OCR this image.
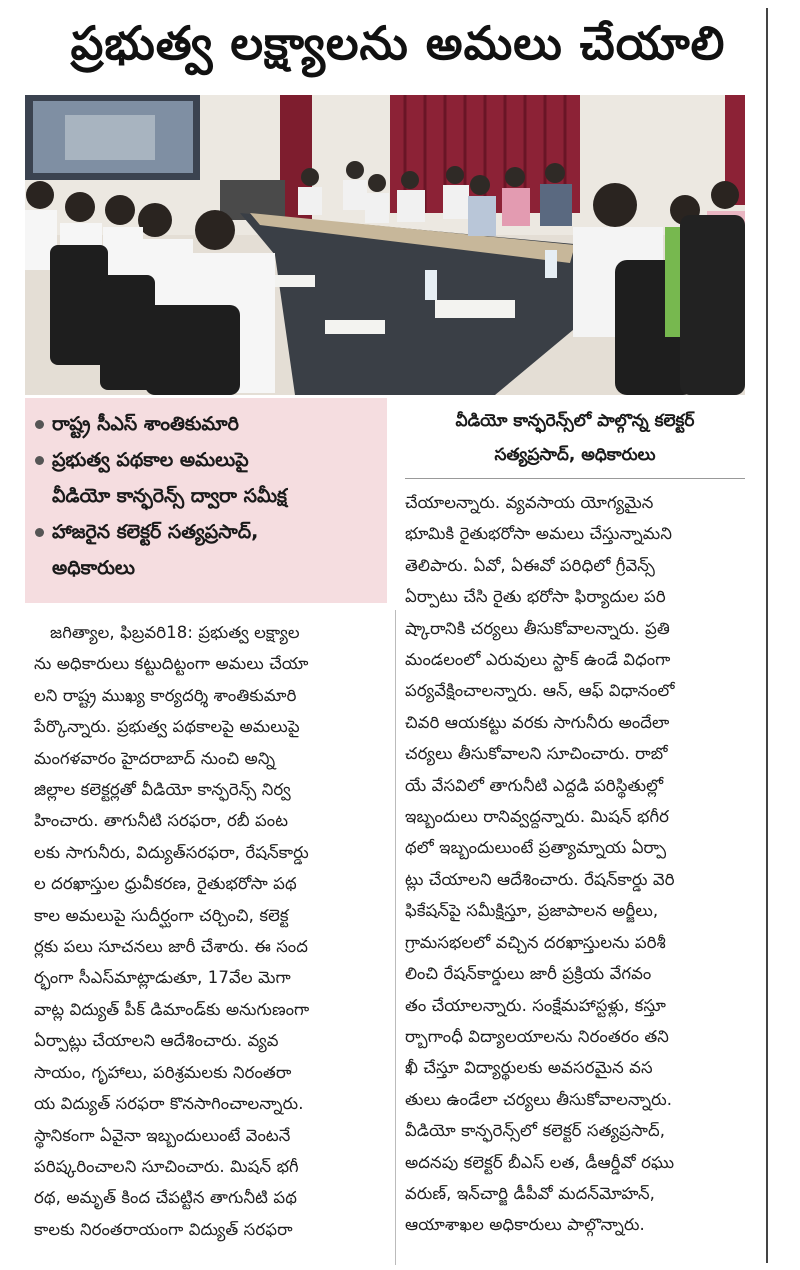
ప్రభుత్వ లక్ష్యాలను అమలు చేయాలి
రాష్ట్ర సీఎస్ శాంతికుమారి
ప్రభుత్వ పథకాల అమలుపై
వీడియో కాన్ఫరెన్స్ ద్వారా సమీక్ష
హాజరైన కలెక్టర్ సత్యప్రసాద్,
అధికారులు
వీడియో కాన్ఫరెన్స్‌లో పాల్గొన్న కలెక్టర్
సత్యప్రసాద్, అధికారులు
జగిత్యాల, ఫిబ్రవరి18: ప్రభుత్వ లక్ష్యాల
ను అధికారులు కట్టుదిట్టంగా అమలు చేయా
లని రాష్ట్ర ముఖ్య కార్యదర్శి శాంతికుమారి
పేర్కొన్నారు. ప్రభుత్వ పథకాలపై అమలుపై
మంగళవారం హైదరాబాద్ నుంచి అన్ని
జిల్లాల కలెక్టర్లతో వీడియో కాన్ఫరెన్స్ నిర్వ
హించారు. తాగునీటి సరఫరా, రబీ పంట
లకు సాగునీరు, విద్యుత్‌సరఫరా, రేషన్‌కార్డు
ల దరఖాస్తుల ధ్రువీకరణ, రైతుభరోసా పథ
కాల అమలుపై సుదీర్ఘంగా చర్చించి, కలెక్ట
ర్లకు పలు సూచనలు జారీ చేశారు. ఈ సంద
ర్భంగా సీఎస్‌మాట్లాడుతూ, 17వేల మెగా
వాట్ల విద్యుత్ పీక్ డిమాండ్‌కు అనుగుణంగా
ఏర్పాట్లు చేయాలని ఆదేశించారు. వ్యవ
సాయం, గృహాలు, పరిశ్రమలకు నిరంతరా
య విద్యుత్ సరఫరా కొనసాగించాలన్నారు.
స్థానికంగా ఏవైనా ఇబ్బందులుంటే వెంటనే
పరిష్కరించాలని సూచించారు. మిషన్ భగీ
రథ, అమృత్ కింద చేపట్టిన తాగునీటి పథ
కాలకు నిరంతరాయంగా విద్యుత్ సరఫరా
చేయాలన్నారు. వ్యవసాయ యోగ్యమైన
భూమికి రైతుభరోసా అమలు చేస్తున్నామని
తెలిపారు. ఏవో, ఏఈవో పరిధిలో గ్రీవెన్స్
ఏర్పాటు చేసి రైతు భరోసా ఫిర్యాదుల పరి
ష్కారానికి చర్యలు తీసుకోవాలన్నారు. ప్రతి
మండలంలో ఎరువులు స్టాక్ ఉండే విధంగా
పర్యవేక్షించాలన్నారు. ఆన్, ఆఫ్ విధానంలో
చివరి ఆయకట్టు వరకు సాగునీరు అందేలా
చర్యలు తీసుకోవాలని సూచించారు. రాబో
యే వేసవిలో తాగునీటి ఎద్దడి పరిస్థితుల్లో
ఇబ్బందులు రానివ్వద్దన్నారు. మిషన్ భగీర
థలో ఇబ్బందులుంటే ప్రత్యామ్నాయ ఏర్పా
ట్లు చేయాలని ఆదేశించారు. రేషన్‌కార్డు వెరి
ఫికేషన్‌పై సమీక్షిస్తూ, ప్రజాపాలన అర్జీలు,
గ్రామసభలలో వచ్చిన దరఖాస్తులను పరిశీ
లించి రేషన్‌కార్డులు జారీ ప్రక్రియ వేగవం
తం చేయాలన్నారు. సంక్షేమహాస్టళ్లు, కస్తూ
ర్బాగాంధీ విద్యాలయాలను నిరంతరం తని
ఖీ చేస్తూ విద్యార్థులకు అవసరమైన వస
తులు ఉండేలా చర్యలు తీసుకోవాలన్నారు.
వీడియో కాన్ఫరెన్స్‌లో కలెక్టర్ సత్యప్రసాద్,
అదనపు కలెక్టర్ బీఎస్ లత, డీఆర్డీవో రఘు
వరుణ్, ఇన్‌చార్జి డీపీవో మదన్‌మోహన్,
ఆయాశాఖల అధికారులు పాల్గొన్నారు.
